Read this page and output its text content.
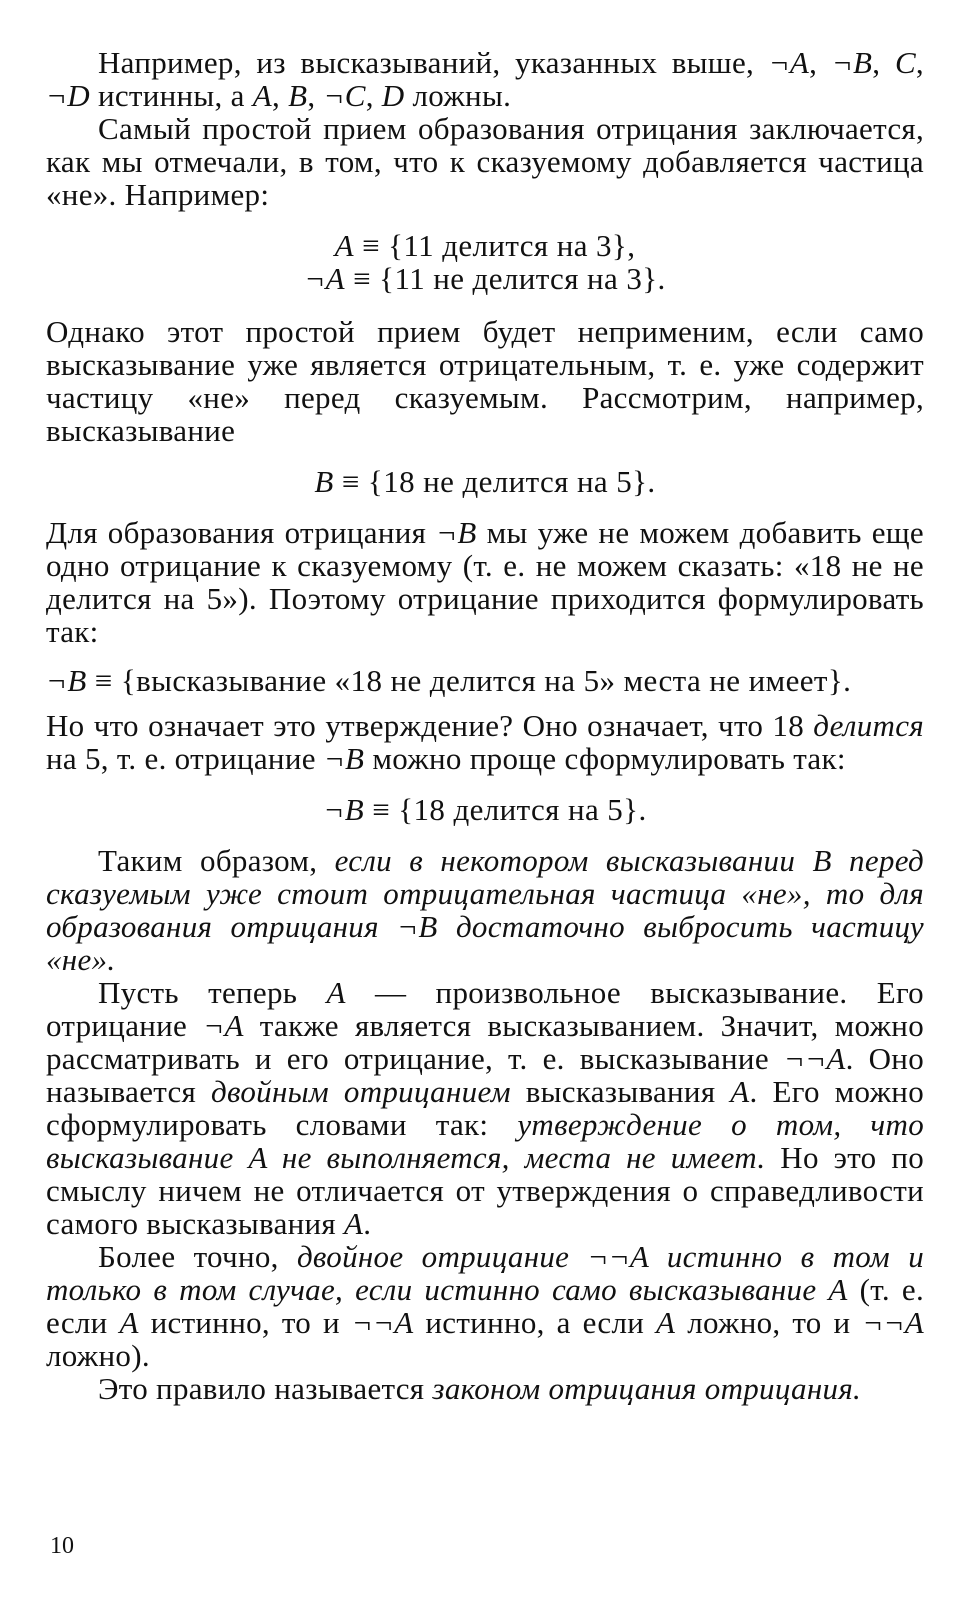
Например, из высказываний, указанных выше, ¬A, ¬B, C, ¬D истинны, а A, B, ¬C, D ложны.

Самый простой прием образования отрицания заключается, как мы отмечали, в том, что к сказуемому добавляется частица «не». Например:

A ≡ {11 делится на 3},

¬A ≡ {11 не делится на 3}.

Однако этот простой прием будет неприменим, если само высказывание уже является отрицательным, т. е. уже содержит частицу «не» перед сказуемым. Рассмотрим, например, высказывание

B ≡ {18 не делится на 5}.

Для образования отрицания ¬B мы уже не можем добавить еще одно отрицание к сказуемому (т. е. не можем сказать: «18 не не делится на 5»). Поэтому отрицание приходится формулировать так:

¬B ≡ {высказывание «18 не делится на 5» места не имеет}.

Но что означает это утверждение? Оно означает, что 18 делится на 5, т. е. отрицание ¬B можно проще сформулировать так:

¬B ≡ {18 делится на 5}.

Таким образом, если в некотором высказывании B перед сказуемым уже стоит отрицательная частица «не», то для образования отрицания ¬B достаточно выбросить частицу «не».

Пусть теперь A — произвольное высказывание. Его отрицание ¬A также является высказыванием. Значит, можно рассматривать и его отрицание, т. е. высказывание ¬¬A. Оно называется двойным отрицанием высказывания A. Его можно сформулировать словами так: утверждение о том, что высказывание A не выполняется, места не имеет. Но это по смыслу ничем не отличается от утверждения о справедливости самого высказывания A.

Более точно, двойное отрицание ¬¬A истинно в том и только в том случае, если истинно само высказывание A (т. е. если A истинно, то и ¬¬A истинно, а если A ложно, то и ¬¬A ложно).

Это правило называется законом отрицания отрицания.

10
